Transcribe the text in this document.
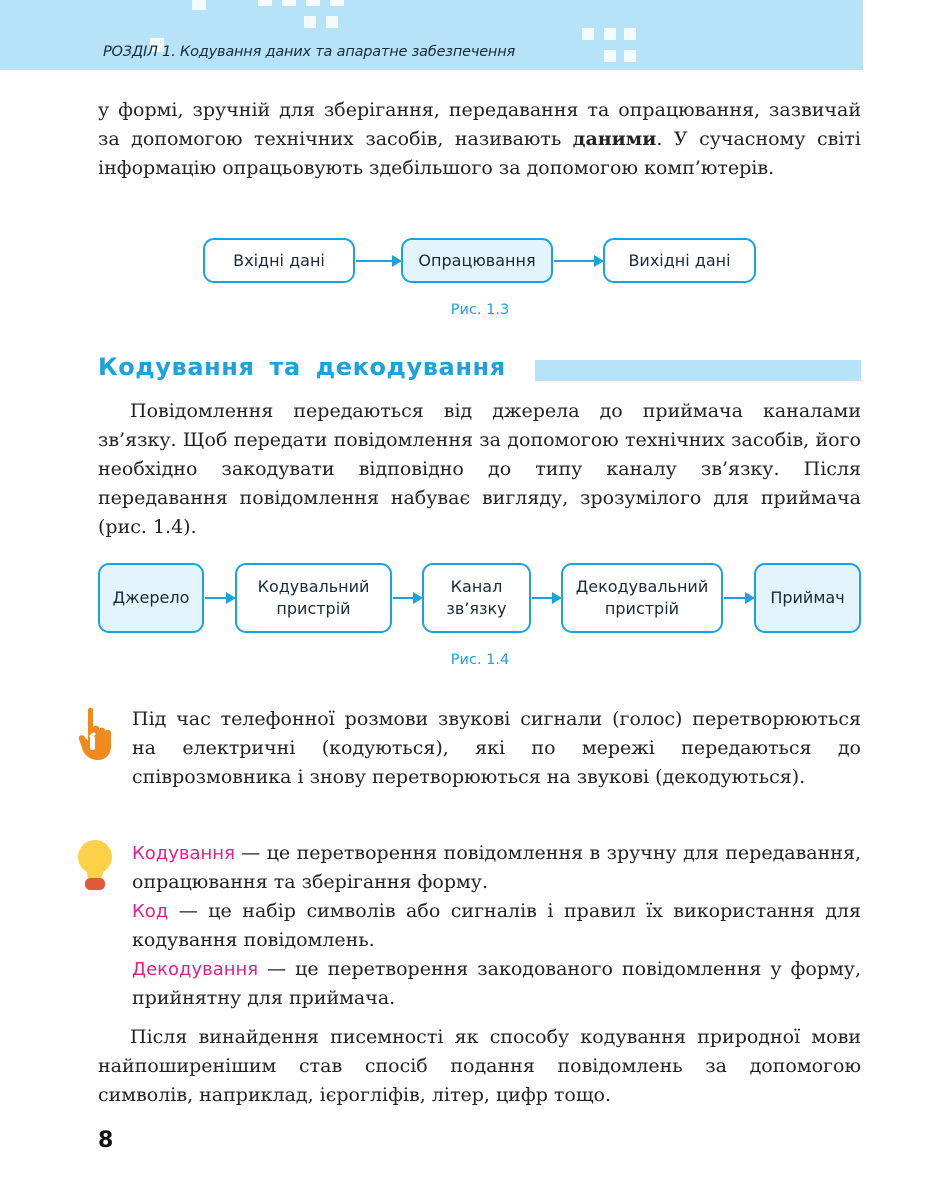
РОЗДІЛ 1. Кодування даних та апаратне забезпечення

у формі, зручній для зберігання, передавання та опрацювання, зазвичай за допомогою технічних засобів, називають даними. У сучасному світі інформацію опрацьовують здебільшого за допомогою комп’ютерів.

Вхідні дані	Опрацювання	Вихідні дані
Рис. 1.3
Кодування та декодування

Повідомлення передаються від джерела до приймача каналами зв’язку. Щоб передати повідомлення за допомогою технічних засобів, його необхідно закодувати відповідно до типу каналу зв’язку. Після передавання повідомлення набуває вигляду, зрозумілого для приймача (рис. 1.4).

Джерело
Кодувальний
пристрій
Канал
зв’язку
Декодувальний
пристрій
Приймач
Рис. 1.4

Під час телефонної розмови звукові сигнали (голос) перетворюються на електричні (кодуються), які по мережі передаються до співрозмовника і знову перетворюються на звукові (декодуються).

Кодування — це перетворення повідомлення в зручну для передавання, опрацювання та зберігання форму.
Код — це набір символів або сигналів і правил їх використання для кодування повідомлень.
Декодування — це перетворення закодованого повідомлення у форму, прийнятну для приймача.

Після винайдення писемності як способу кодування природної мови найпоширенішим став спосіб подання повідомлень за допомогою символів, наприклад, ієрогліфів, літер, цифр тощо.

8
